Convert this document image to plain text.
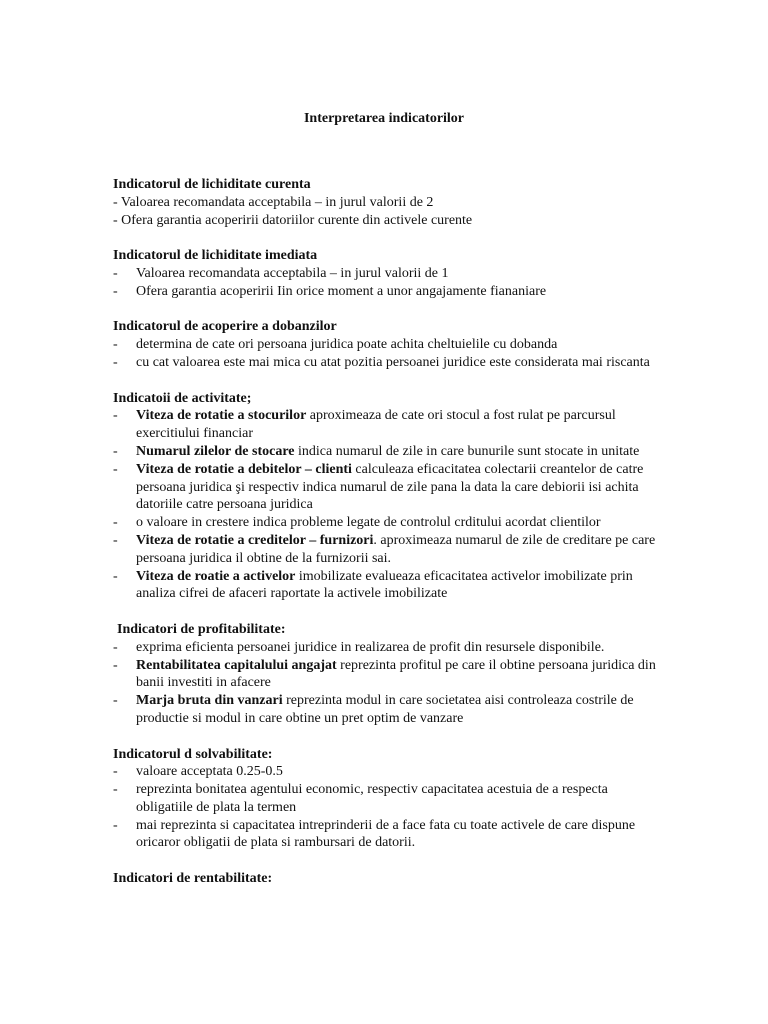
Interpretarea indicatorilor
Indicatorul de lichiditate curenta
- Valoarea recomandata acceptabila – in jurul valorii de 2
- Ofera garantia acoperirii datoriilor curente din activele curente
Indicatorul de lichiditate imediata
- Valoarea recomandata acceptabila – in jurul valorii de 1
- Ofera garantia acoperirii Iin orice moment a unor angajamente fiananiare
Indicatorul de acoperire a dobanzilor
- determina de cate ori persoana juridica poate achita cheltuielile cu dobanda
- cu cat valoarea este mai mica cu atat pozitia persoanei juridice este considerata mai riscanta
Indicatoii de activitate;
- Viteza de rotatie a stocurilor aproximeaza de cate ori stocul a fost rulat pe parcursul exercitiului financiar
- Numarul zilelor de stocare indica numarul de zile in care bunurile sunt stocate in unitate
- Viteza de rotatie a debitelor – clienti calculeaza eficacitatea colectarii creantelor de catre persoana juridica şi respectiv indica numarul de zile pana la data la care debiorii isi achita datoriile catre persoana juridica
- o valoare in crestere indica probleme legate de controlul crditului acordat clientilor
- Viteza de rotatie a creditelor – furnizori. aproximeaza numarul de zile de creditare pe care persoana juridica il obtine de la furnizorii sai.
- Viteza de roatie a activelor imobilizate evalueaza eficacitatea activelor imobilizate prin analiza cifrei de afaceri raportate la activele imobilizate
Indicatori de profitabilitate:
- exprima eficienta persoanei juridice in realizarea de profit din resursele disponibile.
- Rentabilitatea capitalului angajat reprezinta profitul pe care il obtine persoana juridica din banii investiti in afacere
- Marja bruta din vanzari reprezinta modul in care societatea aisi controleaza costrile de productie si modul in care obtine un pret optim de vanzare
Indicatorul d solvabilitate:
- valoare acceptata 0.25-0.5
- reprezinta bonitatea agentului economic, respectiv capacitatea acestuia de a respecta obligatiile de plata la termen
- mai reprezinta si capacitatea intreprinderii de a face fata cu toate activele de care dispune oricaror obligatii de plata si rambursari de datorii.
Indicatori de rentabilitate:
